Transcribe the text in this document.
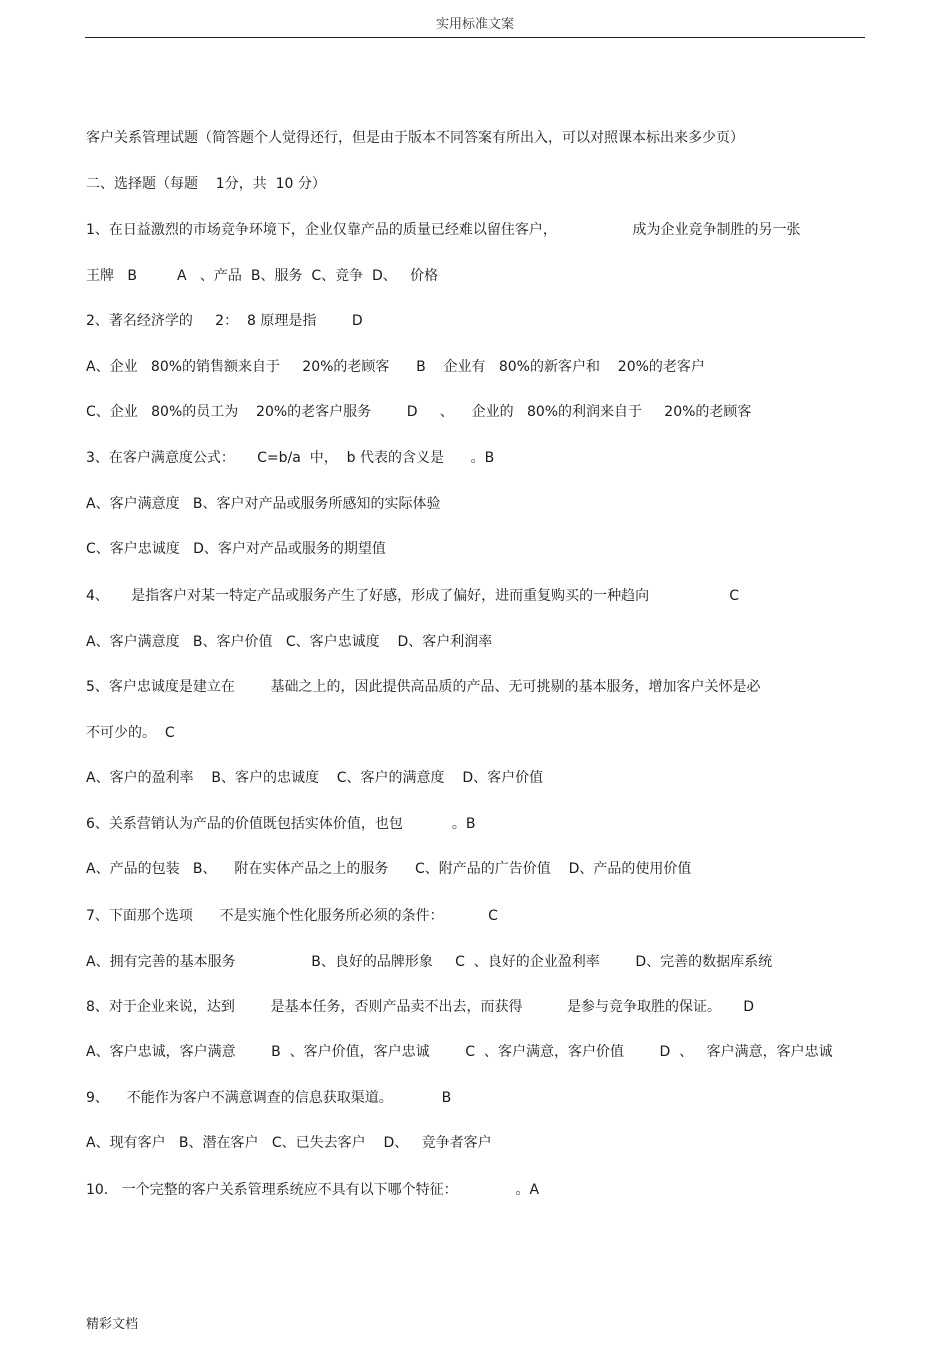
实用标准文案
客户关系管理试题（简答题个人觉得还行，但是由于版本不同答案有所出入，可以对照课本标出来多少页）
二、选择题（每题    1分，共  10 分）
1、在日益激烈的市场竞争环境下，企业仅靠产品的质量已经难以留住客户，                 成为企业竞争制胜的另一张
王牌   B         A   、产品  B、服务  C、竞争  D、   价格
2、著名经济学的     2：  8 原理是指        D
A、企业   80%的销售额来自于     20%的老顾客      B    企业有   80%的新客户和    20%的老客户
C、企业   80%的员工为    20%的老客户服务        D     、    企业的   80%的利润来自于     20%的老顾客
3、在客户满意度公式：     C=b/a  中，  b 代表的含义是      。B
A、客户满意度   B、客户对产品或服务所感知的实际体验
C、客户忠诚度   D、客户对产品或服务的期望值
4、     是指客户对某一特定产品或服务产生了好感，形成了偏好，进而重复购买的一种趋向                  C
A、客户满意度   B、客户价值   C、客户忠诚度    D、客户利润率
5、客户忠诚度是建立在        基础之上的，因此提供高品质的产品、无可挑剔的基本服务，增加客户关怀是必
不可少的。  C
A、客户的盈利率    B、客户的忠诚度    C、客户的满意度    D、客户价值
6、关系营销认为产品的价值既包括实体价值，也包           。B
A、产品的包装   B、    附在实体产品之上的服务      C、附产品的广告价值    D、产品的使用价值
7、下面那个选项      不是实施个性化服务所必须的条件：          C
A、拥有完善的基本服务                 B、良好的品牌形象     C  、良好的企业盈利率        D、完善的数据库系统
8、对于企业来说，达到        是基本任务，否则产品卖不出去，而获得          是参与竞争取胜的保证。     D
A、客户忠诚，客户满意        B  、客户价值，客户忠诚        C  、客户满意，客户价值        D  、   客户满意，客户忠诚
9、    不能作为客户不满意调查的信息获取渠道。           B
A、现有客户   B、潜在客户   C、已失去客户    D、   竞争者客户
10.   一个完整的客户关系管理系统应不具有以下哪个特征：             。A
精彩文档
